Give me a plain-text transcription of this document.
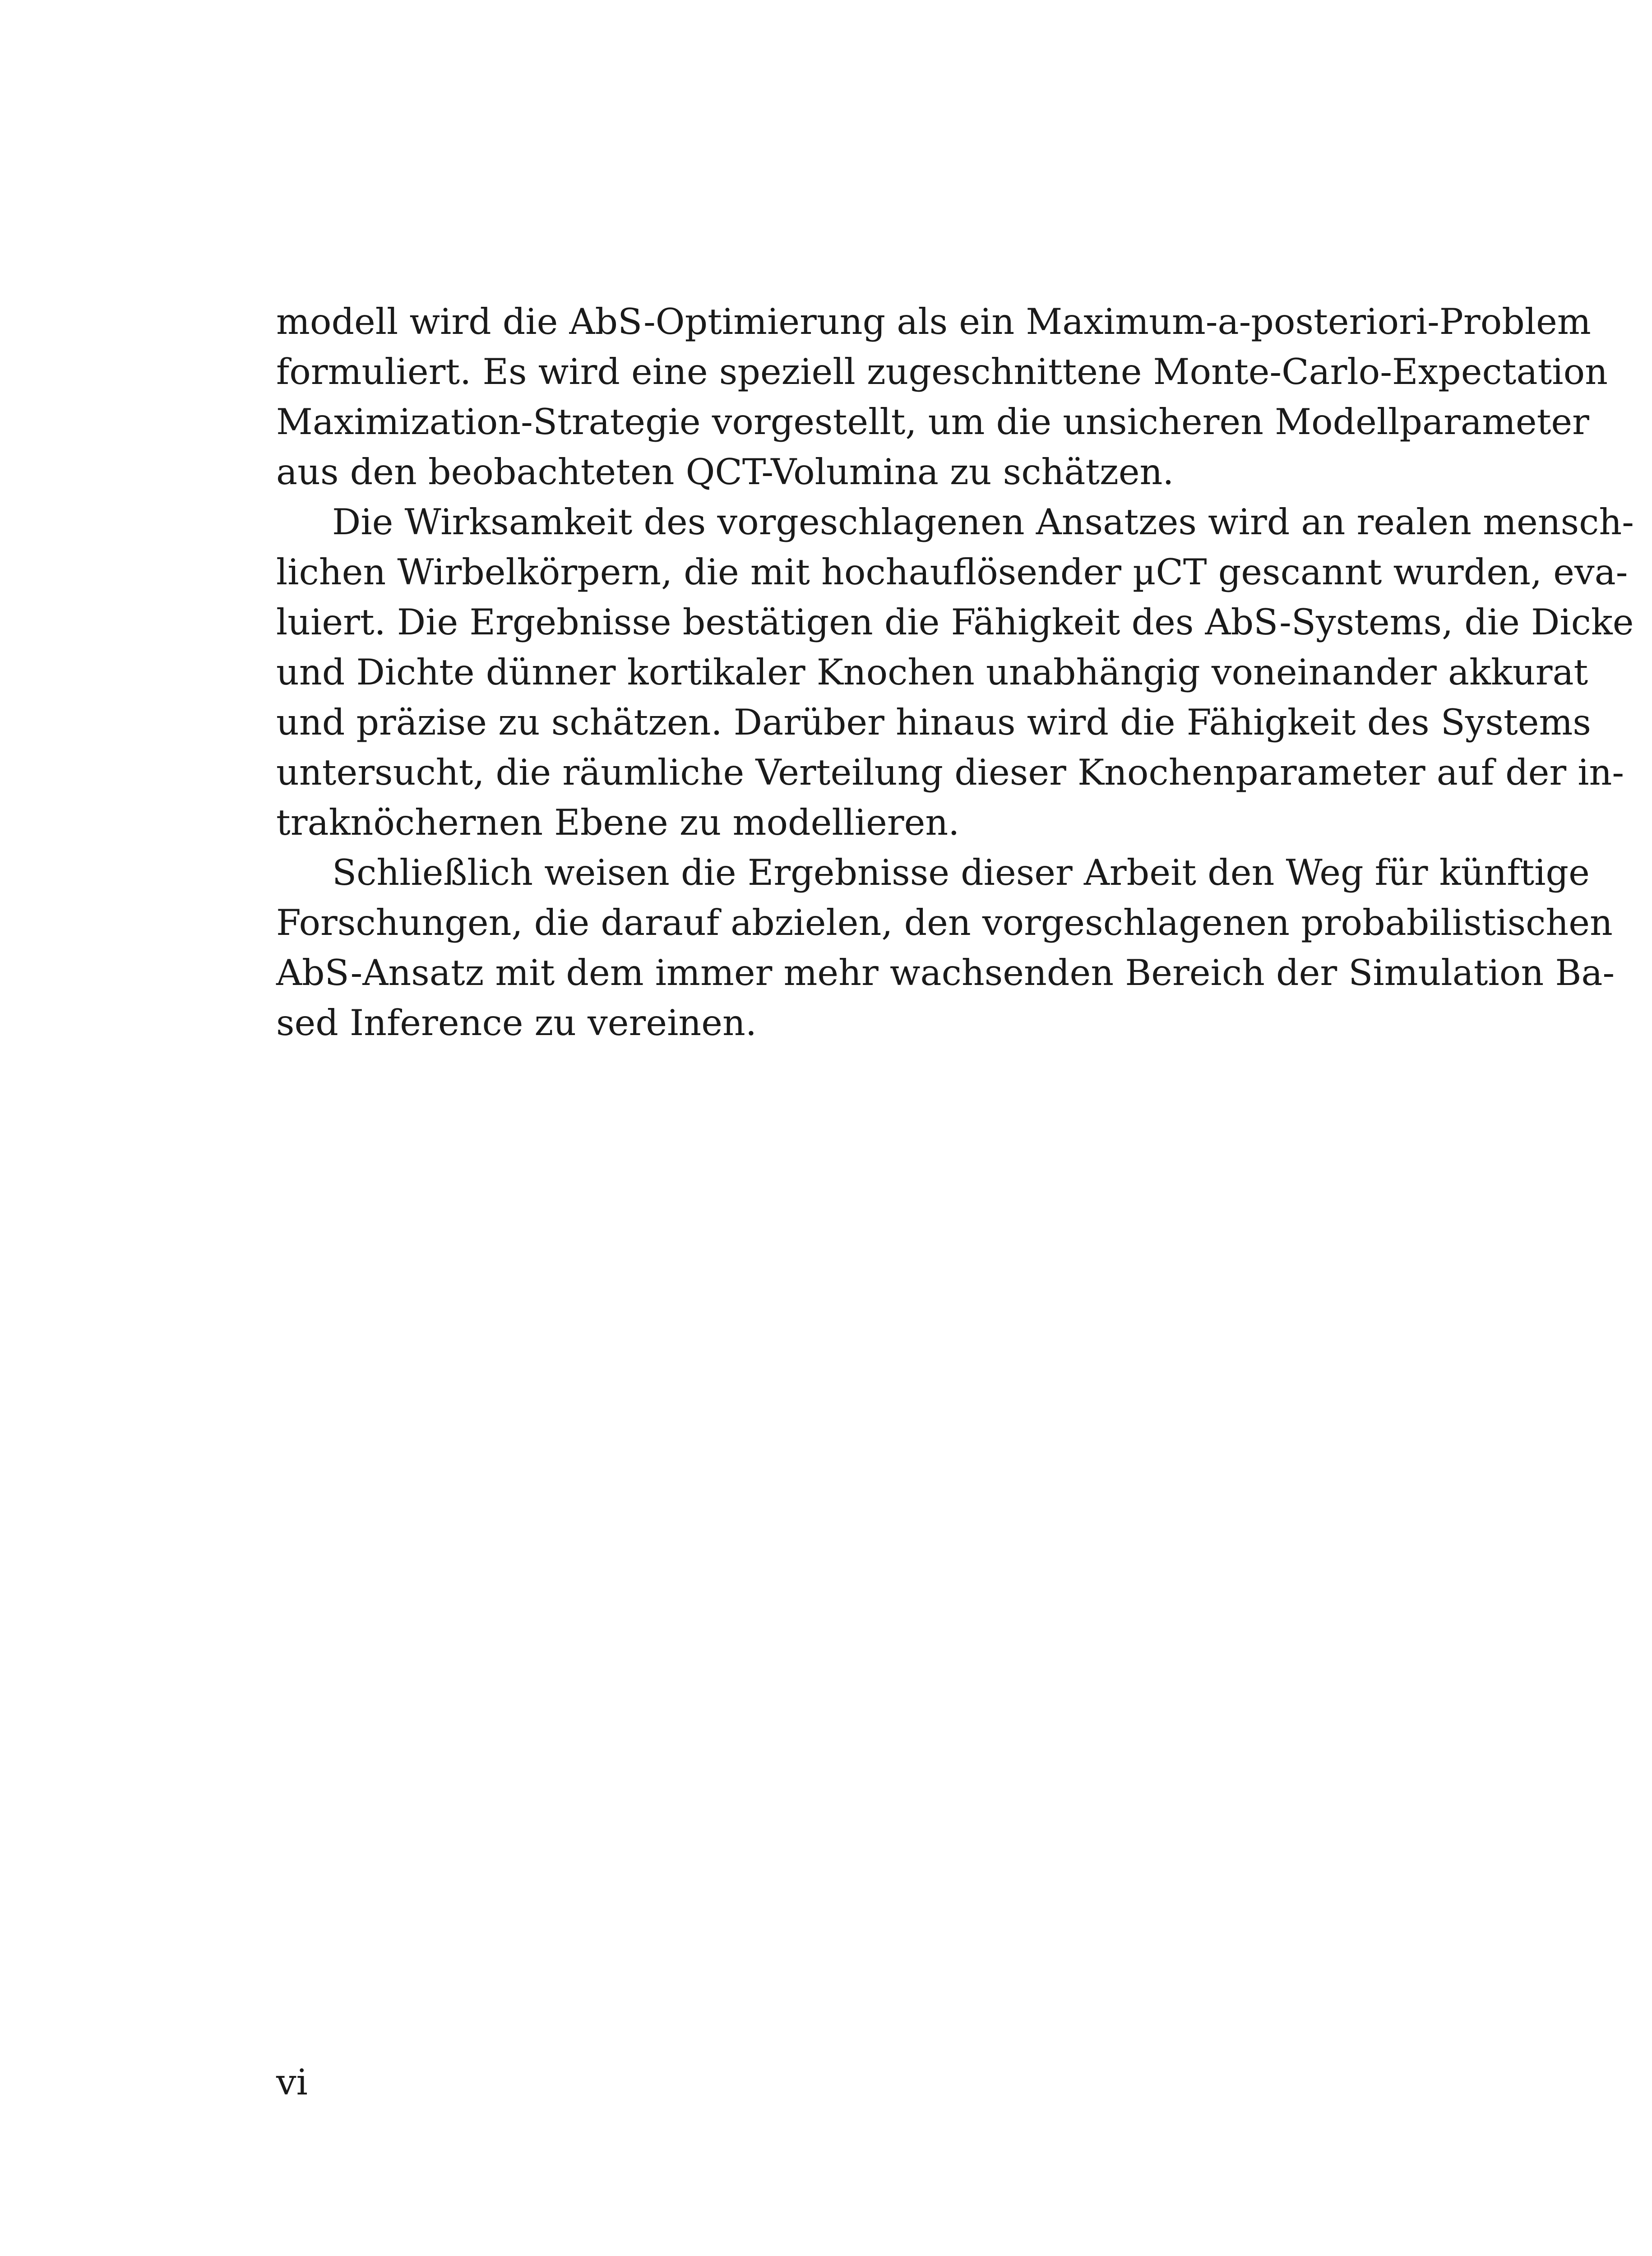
modell wird die AbS-Optimierung als ein Maximum-a-posteriori-Problem
formuliert. Es wird eine speziell zugeschnittene Monte-Carlo-Expectation
Maximization-Strategie vorgestellt, um die unsicheren Modellparameter
aus den beobachteten QCT-Volumina zu schätzen.
Die Wirksamkeit des vorgeschlagenen Ansatzes wird an realen mensch-
lichen Wirbelkörpern, die mit hochauflösender µCT gescannt wurden, eva-
luiert. Die Ergebnisse bestätigen die Fähigkeit des AbS-Systems, die Dicke
und Dichte dünner kortikaler Knochen unabhängig voneinander akkurat
und präzise zu schätzen. Darüber hinaus wird die Fähigkeit des Systems
untersucht, die räumliche Verteilung dieser Knochenparameter auf der in-
traknöchernen Ebene zu modellieren.
Schließlich weisen die Ergebnisse dieser Arbeit den Weg für künftige
Forschungen, die darauf abzielen, den vorgeschlagenen probabilistischen
AbS-Ansatz mit dem immer mehr wachsenden Bereich der Simulation Ba-
sed Inference zu vereinen.
vi
